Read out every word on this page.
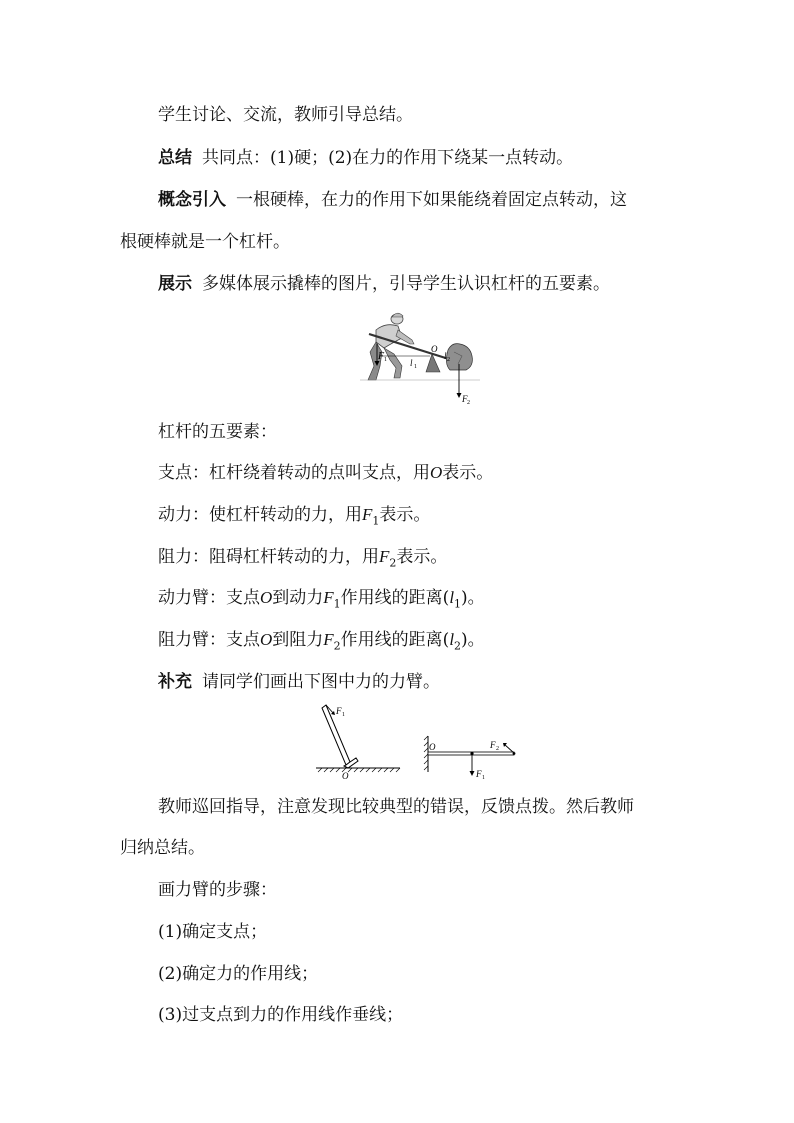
学生讨论、交流，教师引导总结。
总结 共同点：(1)硬；(2)在力的作用下绕某一点转动。
概念引入 一根硬棒，在力的作用下如果能绕着固定点转动，这
根硬棒就是一个杠杆。
展示 多媒体展示撬棒的图片，引导学生认识杠杆的五要素。
F 1	l 1
O
l 2
F 2
杠杆的五要素：
支点：杠杆绕着转动的点叫支点，用O表示。
动力：使杠杆转动的力，用$F_1$表示。
阻力：阻碍杠杆转动的力，用$F_2$表示。
动力臂：支点O到动力$F_1$作用线的距离$(l_1)$。
阻力臂：支点O到阻力$F_2$作用线的距离$(l_2)$。
补充 请同学们画出下图中力的力臂。
F 1
O
O	F 2
F 1
教师巡回指导，注意发现比较典型的错误，反馈点拨。然后教师
归纳总结。
画力臂的步骤：
(1)确定支点；
(2)确定力的作用线；
(3)过支点到力的作用线作垂线；
